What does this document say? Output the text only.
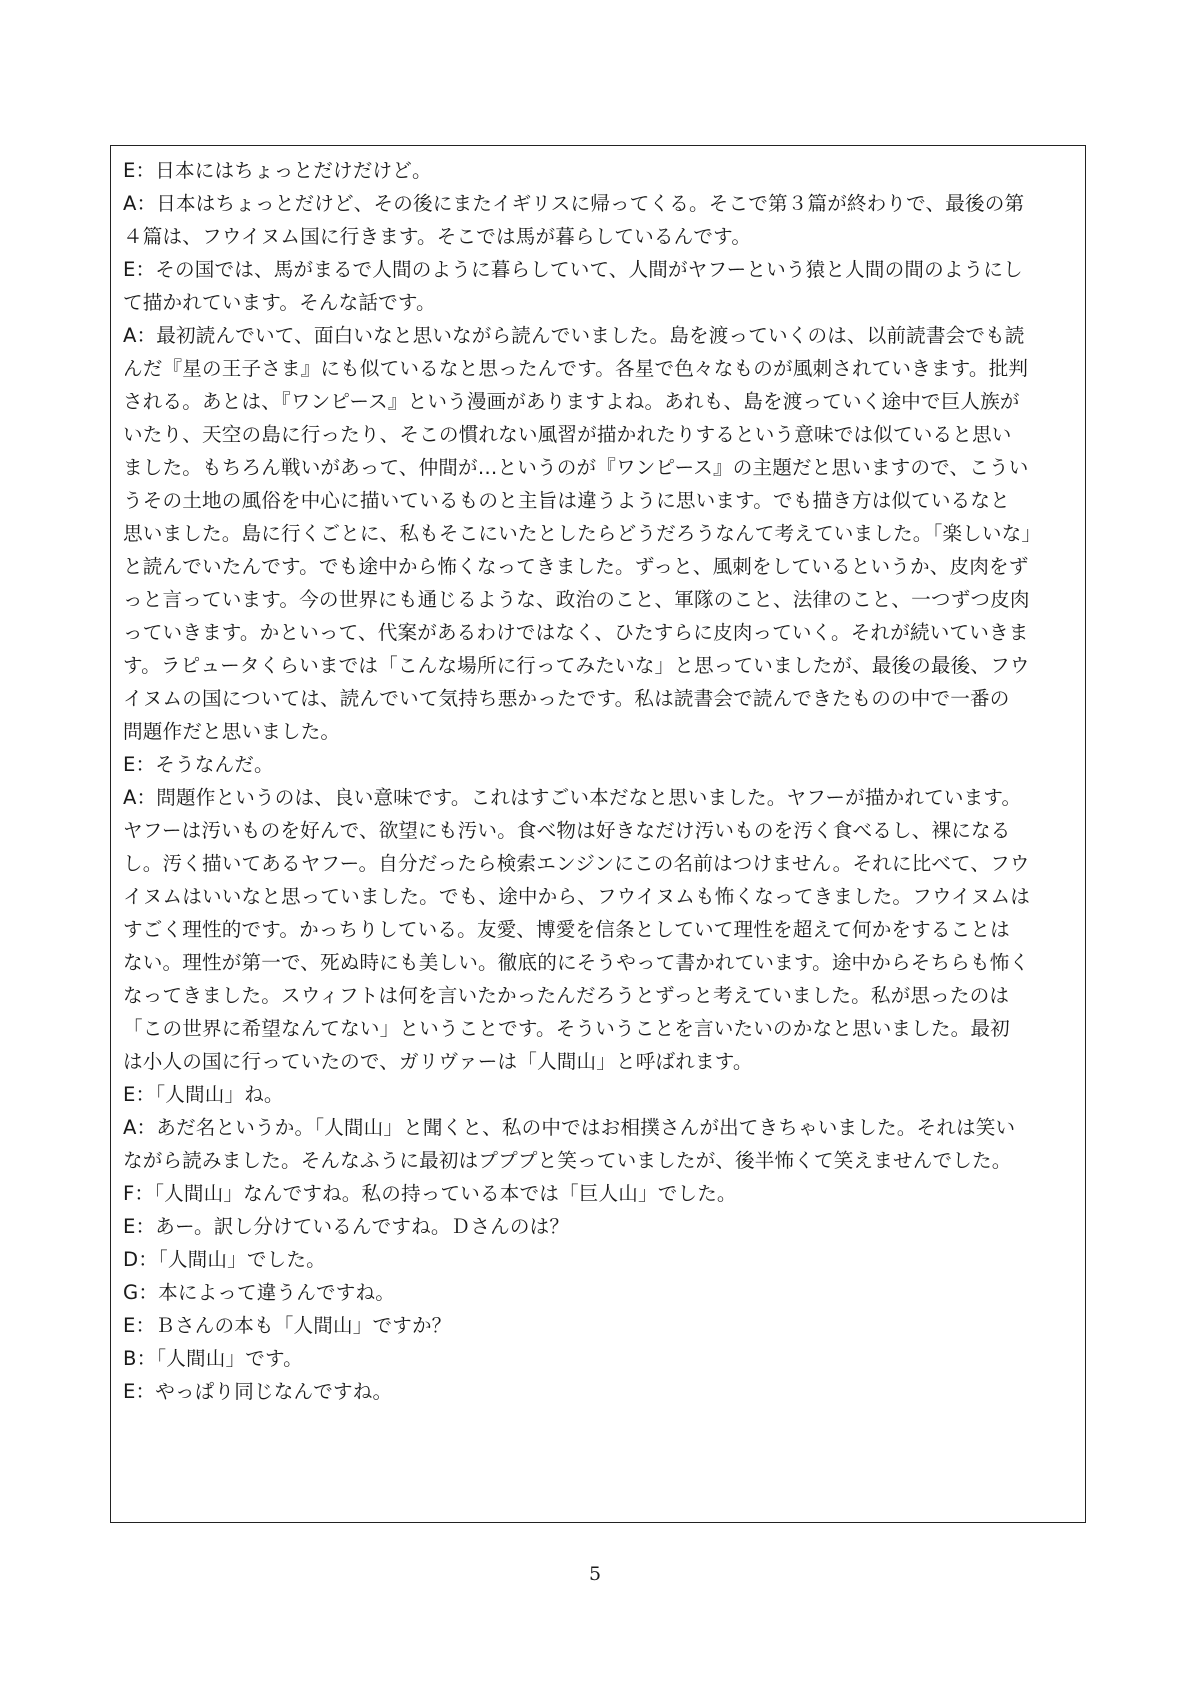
E：日本にはちょっとだけだけど。
A：日本はちょっとだけど、その後にまたイギリスに帰ってくる。そこで第３篇が終わりで、最後の第
４篇は、フウイヌム国に行きます。そこでは馬が暮らしているんです。
E：その国では、馬がまるで人間のように暮らしていて、人間がヤフーという猿と人間の間のようにし
て描かれています。そんな話です。
A：最初読んでいて、面白いなと思いながら読んでいました。島を渡っていくのは、以前読書会でも読
んだ『星の王子さま』にも似ているなと思ったんです。各星で色々なものが風刺されていきます。批判
される。あとは、『ワンピース』という漫画がありますよね。あれも、島を渡っていく途中で巨人族が
いたり、天空の島に行ったり、そこの慣れない風習が描かれたりするという意味では似ていると思い
ました。もちろん戦いがあって、仲間が…というのが『ワンピース』の主題だと思いますので、こうい
うその土地の風俗を中心に描いているものと主旨は違うように思います。でも描き方は似ているなと
思いました。島に行くごとに、私もそこにいたとしたらどうだろうなんて考えていました。「楽しいな」
と読んでいたんです。でも途中から怖くなってきました。ずっと、風刺をしているというか、皮肉をず
っと言っています。今の世界にも通じるような、政治のこと、軍隊のこと、法律のこと、一つずつ皮肉
っていきます。かといって、代案があるわけではなく、ひたすらに皮肉っていく。それが続いていきま
す。ラピュータくらいまでは「こんな場所に行ってみたいな」と思っていましたが、最後の最後、フウ
イヌムの国については、読んでいて気持ち悪かったです。私は読書会で読んできたものの中で一番の
問題作だと思いました。
E：そうなんだ。
A：問題作というのは、良い意味です。これはすごい本だなと思いました。ヤフーが描かれています。
ヤフーは汚いものを好んで、欲望にも汚い。食べ物は好きなだけ汚いものを汚く食べるし、裸になる
し。汚く描いてあるヤフー。自分だったら検索エンジンにこの名前はつけません。それに比べて、フウ
イヌムはいいなと思っていました。でも、途中から、フウイヌムも怖くなってきました。フウイヌムは
すごく理性的です。かっちりしている。友愛、博愛を信条としていて理性を超えて何かをすることは
ない。理性が第一で、死ぬ時にも美しい。徹底的にそうやって書かれています。途中からそちらも怖く
なってきました。スウィフトは何を言いたかったんだろうとずっと考えていました。私が思ったのは
「この世界に希望なんてない」ということです。そういうことを言いたいのかなと思いました。最初
は小人の国に行っていたので、ガリヴァーは「人間山」と呼ばれます。
E：「人間山」ね。
A：あだ名というか。「人間山」と聞くと、私の中ではお相撲さんが出てきちゃいました。それは笑い
ながら読みました。そんなふうに最初はプププと笑っていましたが、後半怖くて笑えませんでした。
F：「人間山」なんですね。私の持っている本では「巨人山」でした。
E：あー。訳し分けているんですね。Ｄさんのは？
D：「人間山」でした。
G：本によって違うんですね。
E：Ｂさんの本も「人間山」ですか？
B：「人間山」です。
E：やっぱり同じなんですね。
5
